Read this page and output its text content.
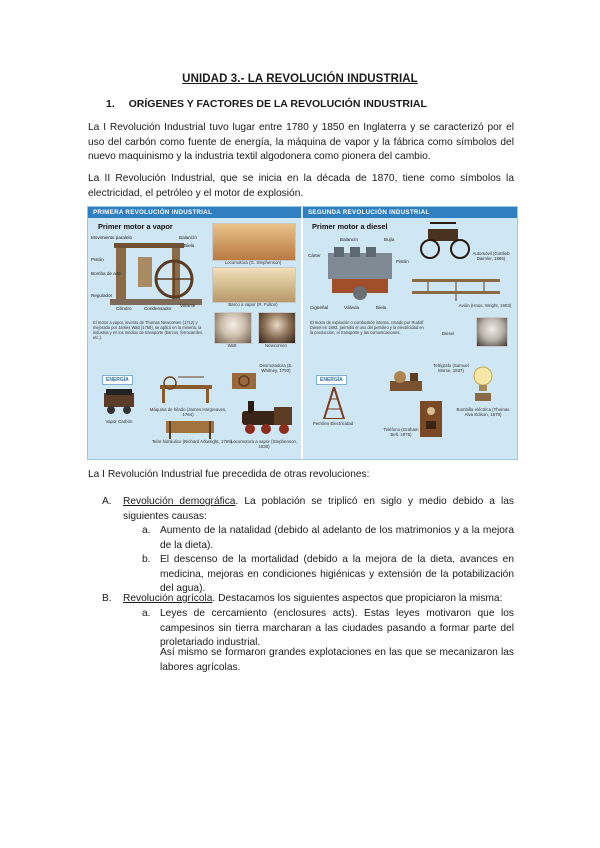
UNIDAD 3.- LA REVOLUCIÓN INDUSTRIAL
1. ORÍGENES Y FACTORES DE LA REVOLUCIÓN INDUSTRIAL
La I Revolución Industrial tuvo lugar entre 1780 y 1850 en Inglaterra y se caracterizó por el uso del carbón como fuente de energía, la máquina de vapor y la fábrica como símbolos del nuevo maquinismo y la industria textil algodonera como pionera del cambio.
La II Revolución Industrial, que se inicia en la década de 1870, tiene como símbolos la electricidad, el petróleo y el motor de explosión.
PRIMERA REVOLUCIÓN INDUSTRIAL	SEGUNDA REVOLUCIÓN INDUSTRIAL
Primer motor a vapor
Movimiento paralelo	Balancín
Biela
Pistón
Bomba de aire
Regulador
Cilindro	Condensador
Volante
Locomotora (G. Stephenson)
Barco a vapor (R. Fulton)
Watt	Newcomen
El motor a vapor, invento de Thomas Newcomen (1712) y mejorado por James Watt (1769), se aplicó en la minería, la industria y en los medios de transporte (barcos, ferrocarriles, etc.).
ENERGÍA
Vapor Carbón
Máquina de hilado (James Hargreaves, 1764)
Desmotadora (E. Whitney, 1793)
Telar hidráulico (Richard Arkwright, 1769)
Locomotora a vapor (Stephenson, 1830)
Primer motor a diesel
Balancín	Bujía
Cárter
Pistón
Cigüeñal	Válvula	Biela
Automóvil (Gottlieb Daimler, 1886)
Avión (Hnos. Wright, 1903)
Diesel
El motor de explosión o combustión interna, creado por Rudolf Diesel en 1893, permitió el uso del petróleo y la electricidad en la producción, el transporte y las comunicaciones.
ENERGÍA
Petróleo Electricidad
Telégrafo (Samuel Morse, 1837)
Teléfono (Graham Bell, 1876)
Bombilla eléctrica (Thomas Alva Edison, 1879)
La I Revolución Industrial fue precedida de otras revoluciones:
A. Revolución demográfica. La población se triplicó en siglo y medio debido a las siguientes causas:
a. Aumento de la natalidad (debido al adelanto de los matrimonios y a la mejora de la dieta).
b. El descenso de la mortalidad (debido a la mejora de la dieta, avances en medicina, mejoras en condiciones higiénicas y extensión de la potabilización del agua).
B. Revolución agrícola. Destacamos los siguientes aspectos que propiciaron la misma:
a. Leyes de cercamiento (enclosures acts). Estas leyes motivaron que los campesinos sin tierra marcharan a las ciudades pasando a formar parte del proletariado industrial.
Así mismo se formaron grandes explotaciones en las que se mecanizaron las labores agrícolas.
